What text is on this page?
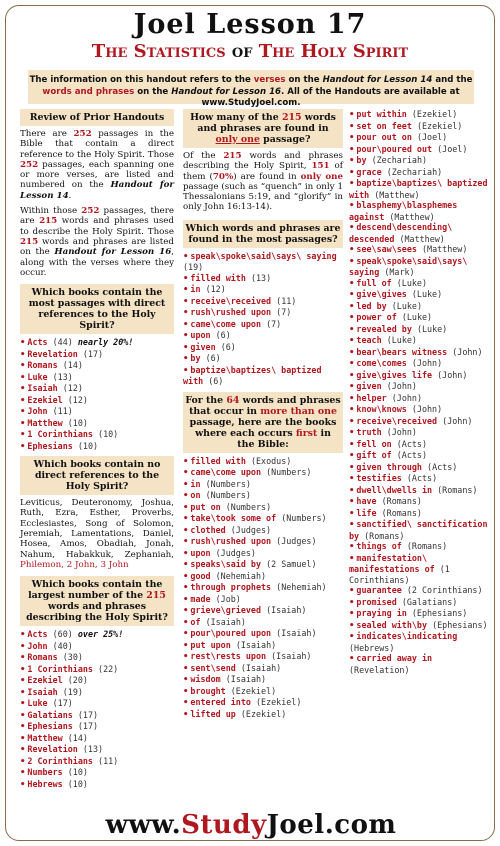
Joel Lesson 17
The Statistics of The Holy Spirit
The information on this handout refers to the verses on the Handout for Lesson 14 and the words and phrases on the Handout for Lesson 16. All of the Handouts are available at www.StudyJoel.com.
Review of Prior Handouts

There are 252 passages in the Bible that contain a direct reference to the Holy Spirit. Those 252 passages, each spanning one or more verses, are listed and numbered on the Handout for Lesson 14.

Within those 252 passages, there are 215 words and phrases used to describe the Holy Spirit. Those 215 words and phrases are listed on the Handout for Lesson 16, along with the verses where they occur.

Which books contain the most passages with direct references to the Holy Spirit?
• Acts (44) nearly 20%!
• Revelation (17)
• Romans (14)
• Luke (13)
• Isaiah (12)
• Ezekiel (12)
• John (11)
• Matthew (10)
• 1 Corinthians (10)
• Ephesians (10)
Which books contain no direct references to the Holy Spirit?

Leviticus, Deuteronomy, Joshua, Ruth, Ezra, Esther, Proverbs, Ecclesiastes, Song of Solomon, Jeremiah, Lamentations, Daniel, Hosea, Amos, Obadiah, Jonah, Nahum, Habakkuk, Zephaniah, Philemon, 2 John, 3 John

Which books contain the largest number of the 215 words and phrases describing the Holy Spirit?
• Acts (60) over 25%!
• John (40)
• Romans (30)
• 1 Corinthians (22)
• Ezekiel (20)
• Isaiah (19)
• Luke (17)
• Galatians (17)
• Ephesians (17)
• Matthew (14)
• Revelation (13)
• 2 Corinthians (11)
• Numbers (10)
• Hebrews (10)
How many of the 215 words and phrases are found in only one passage?

Of the 215 words and phrases describing the Holy Spirit, 151 of them (70%) are found in only one passage (such as “quench” in only 1 Thessalonians 5:19, and “glorify” in only John 16:13-14).

Which words and phrases are found in the most passages?
• speak\spoke\said\says\ saying (19)
• filled with (13)
• in (12)
• receive\received (11)
• rush\rushed upon (7)
• came\come upon (7)
• upon (6)
• given (6)
• by (6)
• baptize\baptizes\ baptized with (6)
For the 64 words and phrases that occur in more than one passage, here are the books where each occurs first in the Bible:
• filled with (Exodus)
• came\come upon (Numbers)
• in (Numbers)
• on (Numbers)
• put on (Numbers)
• take\took some of (Numbers)
• clothed (Judges)
• rush\rushed upon (Judges)
• upon (Judges)
• speaks\said by (2 Samuel)
• good (Nehemiah)
• through prophets (Nehemiah)
• made (Job)
• grieve\grieved (Isaiah)
• of (Isaiah)
• pour\poured upon (Isaiah)
• put upon (Isaiah)
• rest\rests upon (Isaiah)
• sent\send (Isaiah)
• wisdom (Isaiah)
• brought (Ezekiel)
• entered into (Ezekiel)
• lifted up (Ezekiel)
• put within (Ezekiel)
• set on feet (Ezekiel)
• pour out on (Joel)
• pour\poured out (Joel)
• by (Zechariah)
• grace (Zechariah)
• baptize\baptizes\ baptized with (Matthew)
• blasphemy\blasphemes against (Matthew)
• descend\descending\ descended (Matthew)
• see\saw\sees (Matthew)
• speak\spoke\said\says\ saying (Mark)
• full of (Luke)
• give\gives (Luke)
• led by (Luke)
• power of (Luke)
• revealed by (Luke)
• teach (Luke)
• bear\bears witness (John)
• come\comes (John)
• give\gives life (John)
• given (John)
• helper (John)
• know\knows (John)
• receive\received (John)
• truth (John)
• fell on (Acts)
• gift of (Acts)
• given through (Acts)
• testifies (Acts)
• dwell\dwells in (Romans)
• have (Romans)
• life (Romans)
• sanctified\ sanctification by (Romans)
• things of (Romans)
• manifestation\ manifestations of (1 Corinthians)
• guarantee (2 Corinthians)
• promised (Galatians)
• praying in (Ephesians)
• sealed with\by (Ephesians)
• indicates\indicating (Hebrews)
• carried away in (Revelation)
www.StudyJoel.com
